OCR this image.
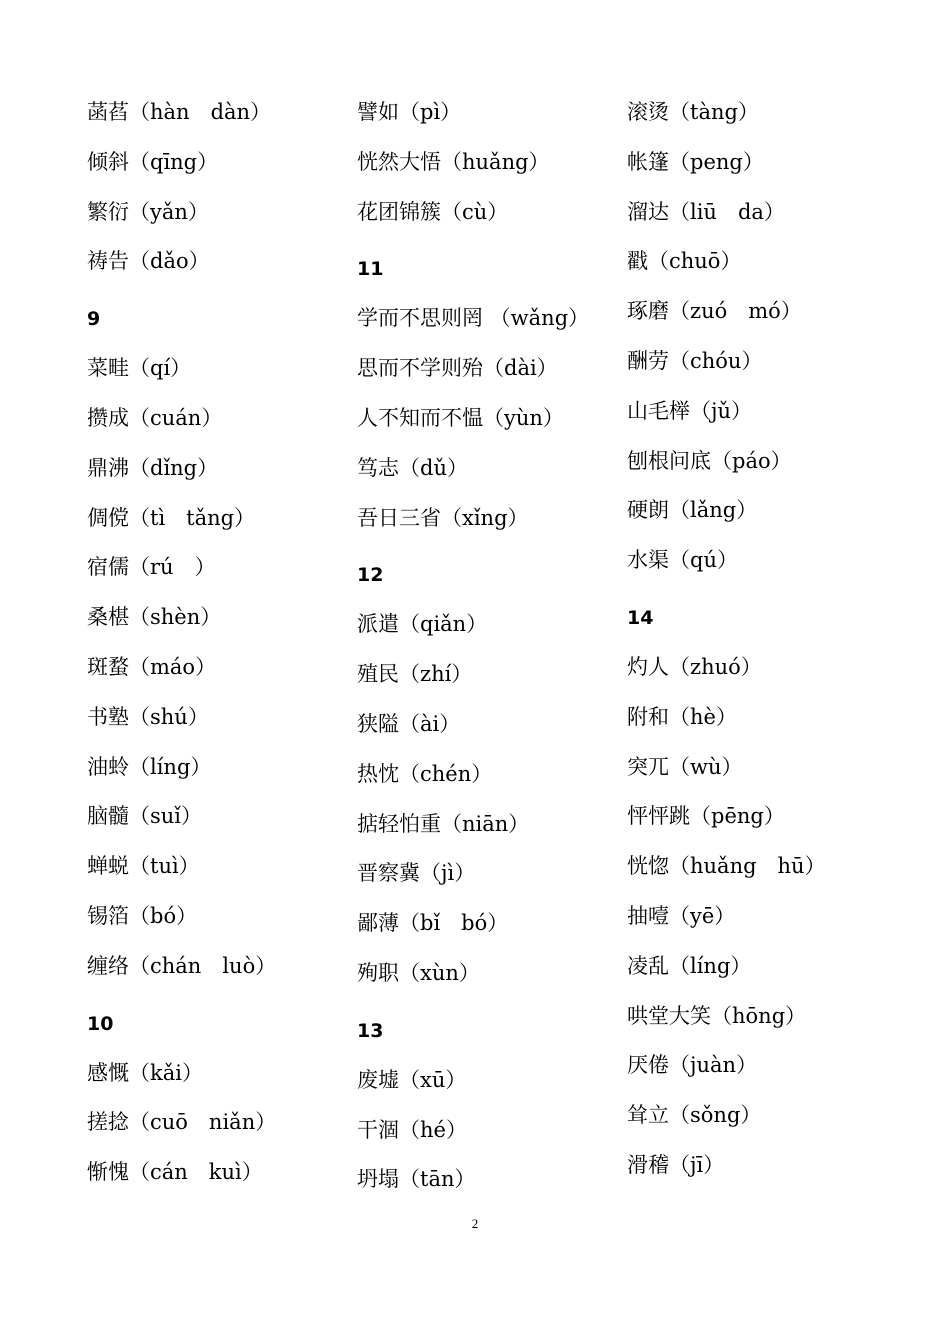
菡萏（hàn　dàn）
倾斜（qīng）
繁衍（yǎn）
祷告（dǎo）
9
菜畦（qí）
攒成（cuán）
鼎沸（dǐng）
倜傥（tì　tǎng）
宿儒（rú　）
桑椹（shèn）
斑蝥（máo）
书塾（shú）
油蛉（líng）
脑髓（suǐ）
蝉蜕（tuì）
锡箔（bó）
缠络（chán　luò）
10
感慨（kǎi）
搓捻（cuō　niǎn）
惭愧（cán　kuì）
譬如（pì）
恍然大悟（huǎng）
花团锦簇（cù）
11
学而不思则罔 （wǎng）
思而不学则殆（dài）
人不知而不愠（yùn）
笃志（dǔ）
吾日三省（xǐng）
12
派遣（qiǎn）
殖民（zhí）
狭隘（ài）
热忱（chén）
掂轻怕重（niān）
晋察冀（jì）
鄙薄（bǐ　bó）
殉职（xùn）
13
废墟（xū）
干涸（hé）
坍塌（tān）
滚烫（tàng）
帐篷（peng）
溜达（liū　da）
戳（chuō）
琢磨（zuó　mó）
酬劳（chóu）
山毛榉（jǔ）
刨根问底（páo）
硬朗（lǎng）
水渠（qú）
14
灼人（zhuó）
附和（hè）
突兀（wù）
怦怦跳（pēng）
恍惚（huǎng　hū）
抽噎（yē）
凌乱（líng）
哄堂大笑（hōng）
厌倦（juàn）
耸立（sǒng）
滑稽（jī）
2
